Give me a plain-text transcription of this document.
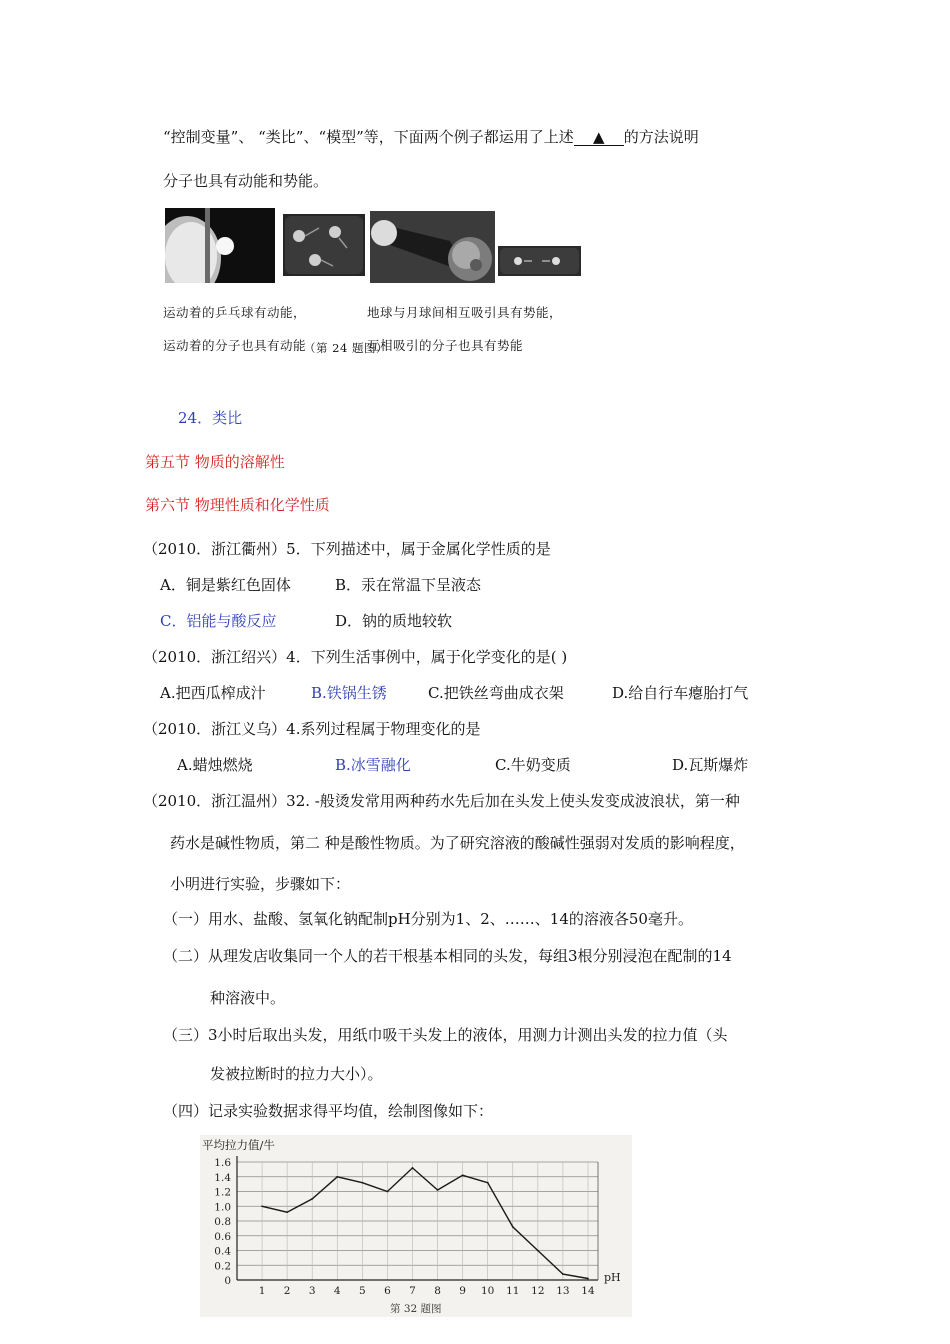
“控制变量”、 “类比”、“模型”等，下面两个例子都运用了上述 ▲ 的方法说明
分子也具有动能和势能。
运动着的乒乓球有动能，	地球与月球间相互吸引具有势能，
运动着的分子也具有动能	互相吸引的分子也具有势能
（第 24 题图）
24．类比
第五节 物质的溶解性
第六节 物理性质和化学性质
（2010．浙江衢州）5．下列描述中，属于金属化学性质的是
A．铜是紫红色固体	B．汞在常温下呈液态
C．铝能与酸反应	D．钠的质地较软
（2010．浙江绍兴）4．下列生活事例中，属于化学变化的是( )
A.把西瓜榨成汁	B.铁锅生锈	C.把铁丝弯曲成衣架	D.给自行车瘪胎打气
（2010．浙江义乌）4.系列过程属于物理变化的是
A.蜡烛燃烧	B.冰雪融化	C.牛奶变质	D.瓦斯爆炸
（2010．浙江温州）32. -般烫发常用两种药水先后加在头发上使头发变成波浪状，第一种
药水是碱性物质，第二 种是酸性物质。为了研究溶液的酸碱性强弱对发质的影响程度，
小明进行实验，步骤如下：
（一）用水、盐酸、氢氧化钠配制pH分别为1、2、……、14的溶液各50毫升。
（二）从理发店收集同一个人的若干根基本相同的头发，每组3根分别浸泡在配制的14
种溶液中。
（三）3小时后取出头发，用纸巾吸干头发上的液体，用测力计测出头发的拉力值（头
发被拉断时的拉力大小）。
（四）记录实验数据求得平均值，绘制图像如下：
0
0.2
0.4
0.6
0.8
1.0
1.2
1.4
1.6
1 2 3 4 5 6 7 8 9 10 11 12 13 14
平均拉力值/牛
pH
第 32 题图
